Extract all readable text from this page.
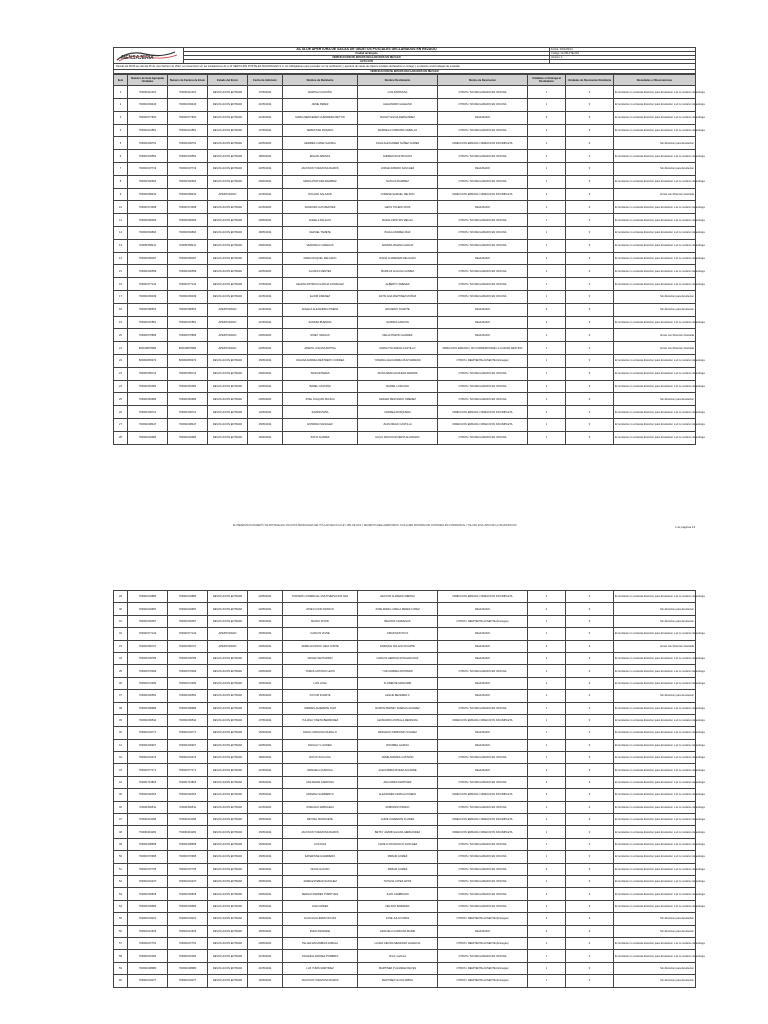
MENSAJERIA	ACTA DE APERTURA DE SACAS DE OBJETOS POSTALES DECLARADOS EN REZAGO	Fecha: 2021/09/14
	Ciudad de Bogota	Codigo: GLOB-FTE-004
	VERIFICACION DE ENVIOS DECLARADOS EN REZAGO	Version: 1
	ACTA N.05	
Siendo las 09:00 am del dia 05 de mes Febrero de 2022, se presentaron en las instalaciones de 4-72 SERVICIOS POSTALES NACIONALES S.A. los trabajadores para proceder con la verificacion y apertura de sacas de objetos postales declarados en rezago y su destino a las bodegas de custodia.		
VERIFICACION DE ENVIOS DECLARADOS EN REZAGO		
Item	Numero de Guia Agrupada Unidades	Numero de Factura de Envio	Estado del Envio	Fecha de Admision	Nombre de Remitente	Nombre Destinatario	Motivo de Devolucion	Unidades en Entrega al Destinatario	Unidades de Devolucion Remitente	Novedades u Observaciones
1	700001611401	700001611401	DEVOLUCION ENTIDAD	17/05/2021	MARTHA CASTAÑO	LUIS ESPINOSA	OTROS / NO RECLAMADO EN OFICINA	1	0	El remitente no contesta direccion para devolucion o el no reclamo de entrega
2	700001603446	700001603446	DEVOLUCION ENTIDAD	21/05/2021	JAIME PEREZ	ALEJANDRO GALEANO	OTROS / NO RECLAMADO EN OFICINA	1	0	El remitente no contesta direccion para devolucion o el no reclamo de entrega
3	700001577830	700001577830	DEVOLUCION ENTIDAD	21/05/2021	MARIA MERCEDES GUERRERO BETTIN	MAGDY EGUIA FERNANDEZ	REHUSADO	3	0	El remitente no contesta direccion para devolucion o el no reclamo de entrega
4	700001621851	700001621851	DEVOLUCION ENTIDAD	17/05/2021	SEBASTIAN ROSADO	MARISELA CORDOBA CEBALLO	OTROS / NO RECLAMADO EN OFICINA	1	0	El remitente no contesta direccion para devolucion o el no reclamo de entrega
5	700001609751	700001609751	DEVOLUCION ENTIDAD	22/05/2021	HERMES LOPEZ GAVIRIA	JOHN ALEXANDER NUÑEZ GOMEZ	DIRECCION ERRADA / DIRECCION INCOMPLETA	1	0	Sin direccion para devolucion
6	700001549554	700001549554	DEVOLUCION ENTIDAD	18/05/2021	EDGAR ARENAS	ANDRES RUIZ BOGOTA	OTROS / NO RECLAMADO EN OFICINA	2	0	El remitente no contesta direccion para devolucion o el no reclamo de entrega
7	700001607719	700001607719	DEVOLUCION ENTIDAD	22/05/2021	JACKSON TURAZONA RAMOS	JORGE RAMIRO SANCHEZ	REHUSADO	1	0	Sin direccion para devolucion
8	700001592694	700001592694	DEVOLUCION ENTIDAD	20/05/2021	MARIA PASTORA RAMIREZ	NATALIA RAMIREZ	OTROS / NO RECLAMADO EN OFICINA	1	0	El remitente no contesta direccion para devolucion o el no reclamo de entrega
9	700001589440	700001589440	APERTURADO	21/05/2021	ROLDAN SALAZAR	CORENE SAMUEL NELSON	DIRECCION ERRADA / DIRECCION INCOMPLETA	1	0	Envio con Direccion ilustrada
10	700001574488	700001574488	DEVOLUCION ENTIDAD	21/05/2021	SANDORA LUIS BENITEZ	GEOS TOLEDO ROIS	REHUSADO	1	0	El remitente no contesta direccion para devolucion o el no reclamo de entrega
11	700001583306	700001583306	DEVOLUCION ENTIDAD	20/05/2021	ANGELA PALACIO	MARIA CRISTIAN MELGA	OTROS / NO RECLAMADO EN OFICINA	1	0	El remitente no contesta direccion para devolucion o el no reclamo de entrega
12	700001594664	700001594664	DEVOLUCION ENTIDAD	18/05/2021	SAMUEL TAMETE	PAULA ANDREA DIAZ	OTROS / NO RECLAMADO EN OFICINA	1	0	El remitente no contesta direccion para devolucion o el no reclamo de entrega
13	700001568211	700001568211	DEVOLUCION ENTIDAD	20/05/2021	VERONICA CAMEGAS	SANDRA MILENA GARCIA	OTROS / NO RECLAMADO EN OFICINA	1	0	El remitente no contesta direccion para devolucion o el no reclamo de entrega
14	700001583097	700001583097	DEVOLUCION ENTIDAD	20/05/2021	MARIA RAQUEL DELGADO	DIANA CUARESMA DELGADO	REHUSADO	1	0	El remitente no contesta direccion para devolucion o el no reclamo de entrega
15	700001600599	700001600599	DEVOLUCION ENTIDAD	22/05/2021	GLORIA FUENTES	MARILUZ ALGUILA GOMEZ	OTROS / NO RECLAMADO EN OFICINA	1	0	El remitente no contesta direccion para devolucion o el no reclamo de entrega
16	700001577144	700001577144	DEVOLUCION ENTIDAD	17/05/2021	HELENA PATRICIA GARCIA GONZALEZ	ALBERTO JIMENEZ	OTROS / NO RECLAMADO EN OFICINA	1	0	El remitente no contesta direccion para devolucion o el no reclamo de entrega
17	700001606049	700001606049	DEVOLUCION ENTIDAD	21/05/2021	ELIXIR JIMENEZ	ZAYIN ANA MARTINEZ MUÑOZ	OTROS / NO RECLAMADO EN OFICINA	1	0	Sin direccion para devolucion
18	700001589554	700001589554	APERTURADO	21/05/2021	ANGELA ALEJANDRA PINEDA	EDUARDO DUARTE	REHUSADO	2	0	Sin direccion para devolucion
19	700001607851	700001607851	APERTURADO	21/05/2021	SANDRA BUENDIA	SANDRA GARZON	REHUSADO	1	0	El remitente no contesta direccion para devolucion o el no reclamo de entrega
20	700001575836	700001575836	APERTURADO	20/05/2021	NINEY VARGAS	DELIA PINZON ALVAREZ	REHUSADO	1	0	Envio con Direccion ilustrada
21	800018878080	800018878080	APERTURADO	22/05/2021	JANETH JOHANA BOTINA	MARGOTH ARENA CASTILLO	DIRECCION ERRADA / NO CORRESPONDE LA CIUDAD DESTINO	1	0	Envio con Direccion ilustrada
22	800000065374	800000065374	DEVOLUCION ENTIDAD	15/05/2021	JOHANA ANDREA RESTREPO CORREA	YORIANA ALEXANDRA RUIZ MARENO	OTROS / REMITENTE AUSENTE (Entregas)	1	0	El remitente no contesta direccion para devolucion o el no reclamo de entrega
23	700001583716	700001583716	DEVOLUCION ENTIDAD	20/05/2021	TANIA RITERES	DIANA MERI AGUILERA FERRINI	OTROS / NO RECLAMADO EN OFICINA	1	0	El remitente no contesta direccion para devolucion o el no reclamo de entrega
24	700001581084	700001581084	DEVOLUCION ENTIDAD	22/05/2021	ISABEL CASTAÑO	MARIEL LOZCANO	OTROS / NO RECLAMADO EN OFICINA	1	0	El remitente no contesta direccion para devolucion o el no reclamo de entrega
25	700001581983	700001581983	DEVOLUCION ENTIDAD	20/05/2021	JOSE JOAQUIN MOJICA	DEICER RESTANDO JIMENEZ	OTROS / NO RECLAMADO EN OFICINA	1	0	Sin direccion para devolucion
26	700001609714	700001609714	DEVOLUCION ENTIDAD	14/05/2021	XAVIER PEÑA	ANDREA MOSQUERA	DIRECCION ERRADA / DIRECCION INCOMPLETA	2	0	El remitente no contesta direccion para devolucion o el no reclamo de entrega
27	700001608447	700001608447	DEVOLUCION ENTIDAD	15/05/2021	ESTEBAN SANCHEZ	JUAN DIEGO CASTILLA	DIRECCION ERRADA / DIRECCION INCOMPLETA	1	0	El remitente no contesta direccion para devolucion o el no reclamo de entrega
28	700001603984	700001603984	DEVOLUCION ENTIDAD	16/05/2021	SOFIA SUAREZ	HUGO DAVION RIVERTA ALVARADO	OTROS / NO RECLAMADO EN OFICINA	1	0	El remitente no contesta direccion para devolucion o el no reclamo de entrega
EL PRESENTE DOCUMENTO SE PROTEGE EN LOS DATOS PERSONALES DEL TITULAR SEGUN LA LEY 1581 DE 2012 Y DECRETOS REGLAMENTARIOS. CUALQUIER INFORMACION CONTENIDA ES CONFIDENCIAL Y DE USO EXCLUSIVO DE LA ORGANIZACION.	1 de paginas 13
29	700001604880	700001604880	DEVOLUCION ENTIDAD	22/05/2021	TURISMO COMERCIAL MULTISERVICIOS SAS	HECTOR ALFREDO MEDINA	DIRECCION ERRADA / DIRECCION INCOMPLETA	2	0	El remitente no contesta direccion para devolucion o el no reclamo de entrega
30	700001604997	700001604997	DEVOLUCION ENTIDAD	22/05/2021	JOSE FLOOD FRANCO	JOSE MARIA CAMILA PEREZ LOPEZ	REHUSADO	2	0	Sin direccion para devolucion
31	700001594057	700001594057	DEVOLUCION ENTIDAD	15/05/2021	BLADO NITOR	BEATRIZ CARDENAS	OTROS / REMITENTE AUSENTE (Entregas)	1	0	Sin direccion para devolucion
32	700001577144	700001577144	APERTURADO	15/05/2021	CARLOS VIANE	OMAR MONTOYA	REHUSADO	1	0	El remitente no contesta direccion para devolucion o el no reclamo de entrega
33	700001583727	700001583727	APERTURADO	20/05/2021	JAIME ALFONSO JARA CORTE	ENRIQUE SOLANO DUARTE	REHUSADO	2	0	Envio con Direccion ilustrada
34	700001600786	700001600786	DEVOLUCION ENTIDAD	20/05/2021	CESAR SANTURRIO	CARLOS HERNAN ROSALES DIAZ	REHUSADO	1	0	El remitente no contesta direccion para devolucion o el no reclamo de entrega
35	700001579066	700001579066	DEVOLUCION ENTIDAD	20/05/2021	TOMAS ANTONIO LEON	YUR ANDREA MONTERO	OTROS / NO RECLAMADO EN OFICINA	1	0	El remitente no contesta direccion para devolucion o el no reclamo de entrega
36	700001672480	700001672480	DEVOLUCION ENTIDAD	16/05/2021	LUIS LUNA	FLORENTE MANZURE	REHUSADO	1	0	El remitente no contesta direccion para devolucion o el no reclamo de entrega
37	700001600581	700001600581	DEVOLUCION ENTIDAD	15/05/2021	VICTOR DUARTE	LESLIE BECERRA C	REHUSADO	1	0	Sin direccion para devolucion
38	700001568986	700001568986	DEVOLUCION ENTIDAD	17/05/2021	ANDRES ALDERETE RUIZ	RAMON PERNEY RUEDAS ALVAREZ	OTROS / NO RECLAMADO EN OFICINA	1	0	El remitente no contesta direccion para devolucion o el no reclamo de entrega
39	700001600542	700001600542	DEVOLUCION ENTIDAD	17/05/2021	YULIANA YINETH BERMUDEZ	LEONARDO ASTRALA MENDOZA	DIRECCION ERRADA / DIRECCION INCOMPLETA	1	0	El remitente no contesta direccion para devolucion o el no reclamo de entrega
40	700001604771	700001604771	DEVOLUCION ENTIDAD	15/05/2021	DIANA CAROLINA MURILLO	REINALDO PERDOMO SUAREZ	REHUSADO	1	0	El remitente no contesta direccion para devolucion o el no reclamo de entrega
41	700001600927	700001600927	DEVOLUCION ENTIDAD	22/05/2021	MAGALY G GOMEZ	ROSABEL GARCIA	REHUSADO	1	0	El remitente no contesta direccion para devolucion o el no reclamo de entrega
42	700001601473	700001601473	DEVOLUCION ENTIDAD	18/05/2021	ROCIO ZULUAGA	JAIME ANDRES CASTAÑO	OTROS / NO RECLAMADO EN OFICINA	1	0	El remitente no contesta direccion para devolucion o el no reclamo de entrega
43	700001577171	700001577171	DEVOLUCION ENTIDAD	21/05/2021	MANUELA QUIROGA	ALEXANDRA RIVERA AGUIRRE	REHUSADO	1	0	El remitente no contesta direccion para devolucion o el no reclamo de entrega
44	700001713863	700001713863	DEVOLUCION ENTIDAD	15/05/2021	ANA MARIA CARDONA	ANA MARIA MARTINEZ	OTROS / NO RECLAMADO EN OFICINA	1	0	El remitente no contesta direccion para devolucion o el no reclamo de entrega
45	700001592015	700001592015	DEVOLUCION ENTIDAD	15/05/2021	ADRIANA SARMIENTO	ALEXANDER ARIZALA PINEDA	DIRECCION ERRADA / DIRECCION INCOMPLETA	2	0	El remitente no contesta direccion para devolucion o el no reclamo de entrega
46	700001600511	700001600511	DEVOLUCION ENTIDAD	21/05/2021	OSWALDO ARBOLEDA	ROBINSON PRADO	OTROS / NO RECLAMADO EN OFICINA	1	0	El remitente no contesta direccion para devolucion o el no reclamo de entrega
47	700001601168	700001601168	DEVOLUCION ENTIDAD	15/05/2021	REYNEL MURGUETE	JAIME CLEMENTE FLOREZ	DIRECCION ERRADA / DIRECCION INCOMPLETA	1	0	El remitente no contesta direccion para devolucion o el no reclamo de entrega
48	700001601183	700001601183	DEVOLUCION ENTIDAD	15/05/2021	JACKSON TURAZONA RAMOS	BETSY JAZMIN ELIANA HERNANDEZ	DIRECCION ERRADA / DIRECCION INCOMPLETA	1	0	El remitente no contesta direccion para devolucion o el no reclamo de entrega
49	700001608658	700001608658	DEVOLUCION ENTIDAD	15/05/2021	LUIS DIAZ	CAMILO FRANCISCO SANCHEZ	OTROS / NO RECLAMADO EN OFICINA	1	0	El remitente no contesta direccion para devolucion o el no reclamo de entrega
50	700001570995	700001570995	DEVOLUCION ENTIDAD	15/05/2021	KATERINNE GUERRERO	MIRIAM GOMEZ	OTROS / NO RECLAMADO EN OFICINA	1	0	El remitente no contesta direccion para devolucion o el no reclamo de entrega
51	700001607795	700001607795	DEVOLUCION ENTIDAD	16/05/2021	DIANA GALVAN	MIRIAM GOMEZ	OTROS / NO RECLAMADO EN OFICINA	2	0	El remitente no contesta direccion para devolucion o el no reclamo de entrega
52	700001601447	700001601447	DEVOLUCION ENTIDAD	15/05/2021	JAIME ESTEBAN SANCHEZ	TATIANA LOPEZ ARTIZ	OTROS / NO RECLAMADO EN OFICINA	1	0	El remitente no contesta direccion para devolucion o el no reclamo de entrega
53	700001600818	700001600818	DEVOLUCION ENTIDAD	20/05/2021	SERGIO ANDRES PUENTURA	JUAN CAMBRANO	OTROS / NO RECLAMADO EN OFICINA	1	0	El remitente no contesta direccion para devolucion o el no reclamo de entrega
54	700001600680	700001600680	DEVOLUCION ENTIDAD	15/05/2021	JUAN URREA	NELSON BARRERA	OTROS / NO RECLAMADO EN OFICINA	1	0	El remitente no contesta direccion para devolucion o el no reclamo de entrega
55	700001604401	700001604401	DEVOLUCION ENTIDAD	15/05/2021	JUAN GUILLERMO ROJAS	JOSE JULIO FIRAS	OTROS / REMITENTE AUSENTE (Entregas)	1	0	Sin direccion para devolucion
56	700001612466	700001612466	DEVOLUCION ENTIDAD	15/05/2021	EVER ANDRADE	GRACIELA CARDONA MARIN	REHUSADO	2	0	Sin direccion para devolucion
57	700001647761	700001647761	DEVOLUCION ENTIDAD	20/05/2021	TELLEZ ESCAMBIAS ZABALA	LAURA CECIRA MENDOZA VALENCIA	OTROS / REMITENTE AUSENTE (Entregas)	1	0	El remitente no contesta direccion para devolucion o el no reclamo de entrega
58	700001615094	700001615094	DEVOLUCION ENTIDAD	21/05/2021	JOHANNA ANDREA POMBRIO	Victor martinez	OTROS / NO RECLAMADO EN OFICINA	1	0	El remitente no contesta direccion para devolucion o el no reclamo de entrega
59	700001608980	700001608980	DEVOLUCION ENTIDAD	21/05/2021	LUZ YUDIS MARTINEZ	MARTINEZ P ALVAREZ REYES	OTROS / REMITENTE AUSENTE (Entregas)	1	0	Sin direccion para devolucion
60	700001604377	700001604377	DEVOLUCION ENTIDAD	16/05/2021	JACKSON TURAZONA RAMOS	MARTINEZ OLIVIA ARBOL	OTROS / REMITENTE AUSENTE (Entregas)	1	0	Sin direccion para devolucion
